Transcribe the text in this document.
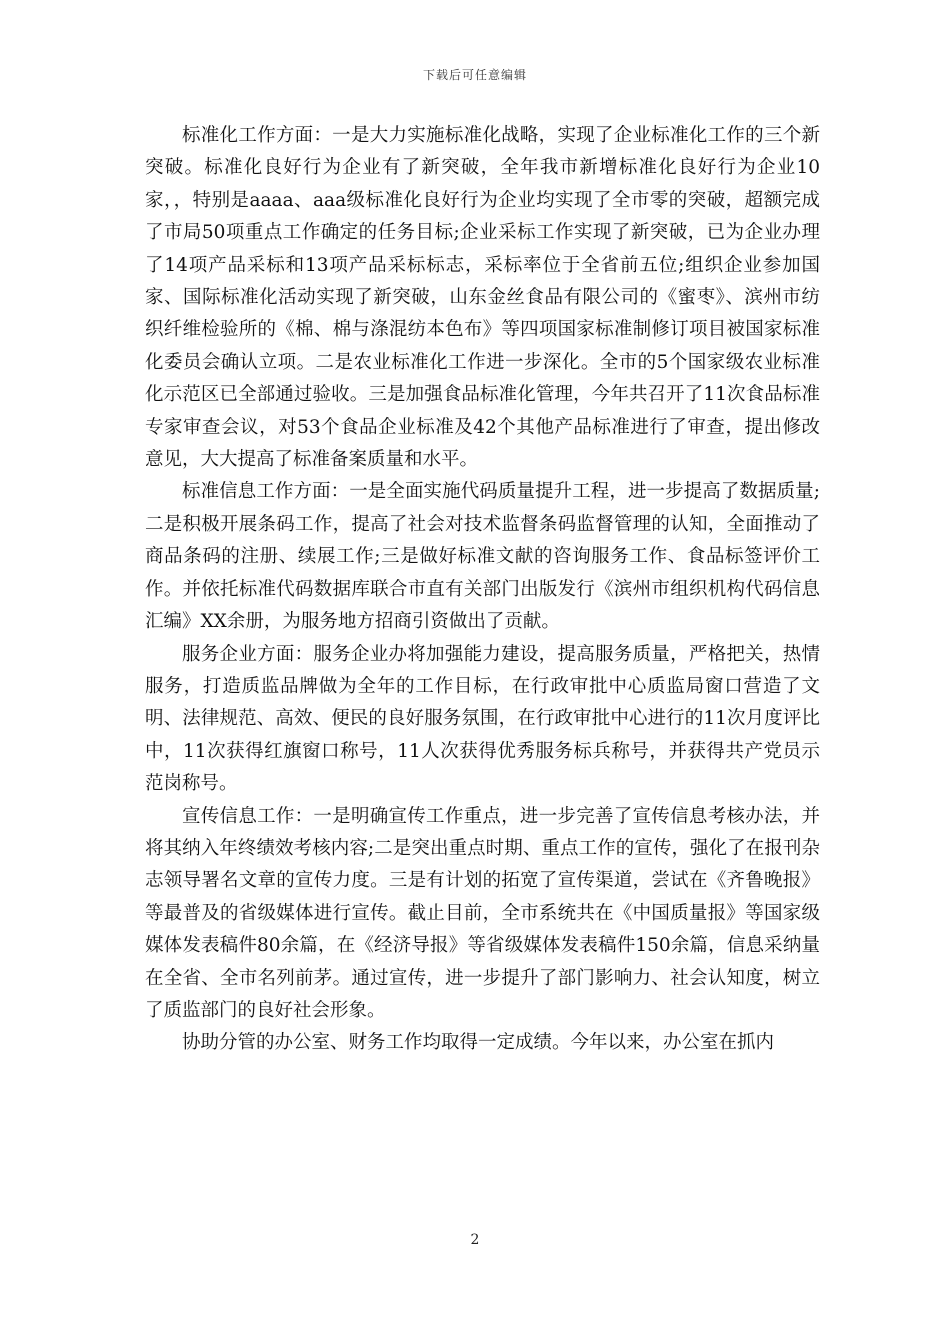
下载后可任意编辑

标准化工作方面：一是大力实施标准化战略，实现了企业标准化工作的三个新突破。标准化良好行为企业有了新突破，全年我市新增标准化良好行为企业10家，，特别是aaaa、aaa级标准化良好行为企业均实现了全市零的突破，超额完成了市局50项重点工作确定的任务目标;企业采标工作实现了新突破，已为企业办理了14项产品采标和13项产品采标标志，采标率位于全省前五位;组织企业参加国家、国际标准化活动实现了新突破，山东金丝食品有限公司的《蜜枣》、滨州市纺织纤维检验所的《棉、棉与涤混纺本色布》等四项国家标准制修订项目被国家标准化委员会确认立项。二是农业标准化工作进一步深化。全市的5个国家级农业标准化示范区已全部通过验收。三是加强食品标准化管理，今年共召开了11次食品标准专家审查会议，对53个食品企业标准及42个其他产品标准进行了审查，提出修改意见，大大提高了标准备案质量和水平。

标准信息工作方面：一是全面实施代码质量提升工程，进一步提高了数据质量;二是积极开展条码工作，提高了社会对技术监督条码监督管理的认知，全面推动了商品条码的注册、续展工作;三是做好标准文献的咨询服务工作、食品标签评价工作。并依托标准代码数据库联合市直有关部门出版发行《滨州市组织机构代码信息汇编》XX余册，为服务地方招商引资做出了贡献。

服务企业方面：服务企业办将加强能力建设，提高服务质量，严格把关，热情服务，打造质监品牌做为全年的工作目标，在行政审批中心质监局窗口营造了文明、法律规范、高效、便民的良好服务氛围，在行政审批中心进行的11次月度评比中，11次获得红旗窗口称号，11人次获得优秀服务标兵称号，并获得共产党员示范岗称号。

宣传信息工作：一是明确宣传工作重点，进一步完善了宣传信息考核办法，并将其纳入年终绩效考核内容;二是突出重点时期、重点工作的宣传，强化了在报刊杂志领导署名文章的宣传力度。三是有计划的拓宽了宣传渠道，尝试在《齐鲁晚报》等最普及的省级媒体进行宣传。截止目前，全市系统共在《中国质量报》等国家级媒体发表稿件80余篇，在《经济导报》等省级媒体发表稿件150余篇，信息采纳量在全省、全市名列前茅。通过宣传，进一步提升了部门影响力、社会认知度，树立了质监部门的良好社会形象。

协助分管的办公室、财务工作均取得一定成绩。今年以来，办公室在抓内

2
